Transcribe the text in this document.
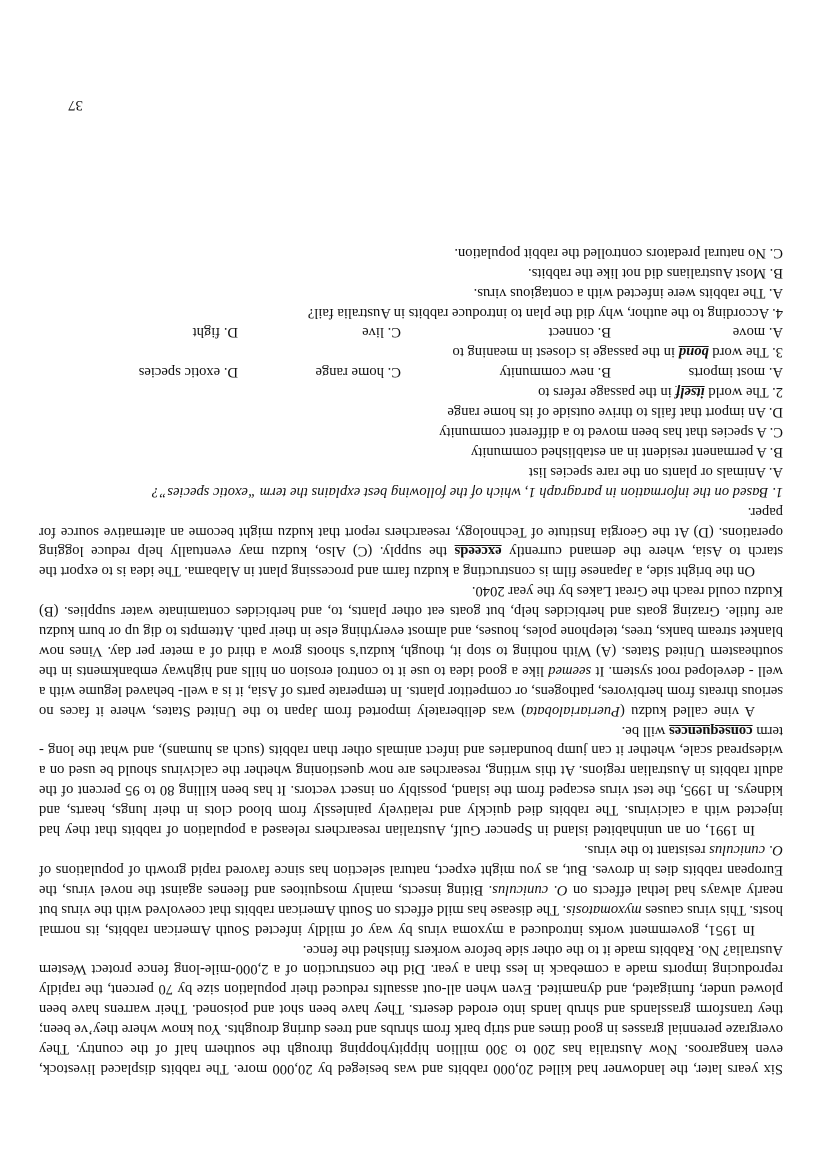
Six years later, the landowner had killed 20,000 rabbits and was besieged by 20,000 more. The rabbits displaced livestock, even kangaroos. Now Australia has 200 to 300 million hippityhopping through the southern half of the country. They overgraze perennial grasses in good times and strip bark from shrubs and trees during droughts. You know where they’ve been; they transform grasslands and shrub lands into eroded deserts. They have been shot and poisoned. Their warrens have been plowed under, fumigated, and dynamited. Even when all-out assaults reduced their population size by 70 percent, the rapidly reproducing imports made a comeback in less than a year. Did the construction of a 2,000-mile-long fence protect Western Australia? No. Rabbits made it to the other side before workers finished the fence.

In 1951, government works introduced a myxoma virus by way of mildly infected South American rabbits, its normal hosts. This virus causes myxomatosis. The disease has mild effects on South American rabbits that coevolved with the virus but nearly always had lethal effects on O. cuniculus. Biting insects, mainly mosquitoes and fleenes against the novel virus, the European rabbits dies in droves. But, as you might expect, natural selection has since favored rapid growth of populations of O. cuniculus resistant to the virus.

In 1991, on an uninhabited island in Spencer Gulf, Australian researchers released a population of rabbits that they had injected with a calcivirus. The rabbits died quickly and relatively painlessly from blood clots in their lungs, hearts, and kidneys. In 1995, the test virus escaped from the island, possibly on insect vectors. It has been killing 80 to 95 percent of the adult rabbits in Australian regions. At this writing, researches are now questioning whether the calcivirus should be used on a widespread scale, whether it can jump boundaries and infect animals other than rabbits (such as humans), and what the long - term consequences will be.

A vine called kudzu (Pueriarialobata) was deliberately imported from Japan to the United States, where it faces no serious threats from herbivores, pathogens, or competitor plants. In temperate parts of Asia, it is a well- behaved legume with a well - developed root system. It seemed like a good idea to use it to control erosion on hills and highway embankments in the southeastern United States. (A) With nothing to stop it, though, kudzu’s shoots grow a third of a meter per day. Vines now blanket stream banks, trees, telephone poles, houses, and almost everything else in their path. Attempts to dig up or burn kudzu are futile. Grazing goats and herbicides help, but goats eat other plants, to, and herbicides contaminate water supplies. (B) Kudzu could reach the Great Lakes by the year 2040.

On the bright side, a Japanese film is constructing a kudzu farm and processing plant in Alabama. The idea is to export the starch to Asia, where the demand currently exceeds the supply. (C) Also, kudzu may eventually help reduce logging operations. (D) At the Georgia Institute of Technology, researchers report that kudzu might become an alternative source for paper.

1. Based on the information in paragraph 1, which of the following best explains the term “exotic species”?

A. Animals or plants on the rare species list

B. A permanent resident in an established community

C. A species that has been moved to a different community

D. An import that fails to thrive outside of its home range

2. The world itself in the passage refers to

A. most imports
B. new community
C. home range
D. exotic species

3. The word bond in the passage is closest in meaning to

A. move
B. connect
C. live
D. fight

4. According to the author, why did the plan to introduce rabbits in Australia fail?

A. The rabbits were infected with a contagious virus.

B. Most Australians did not like the rabbits.

C. No natural predators controlled the rabbit population.

37
